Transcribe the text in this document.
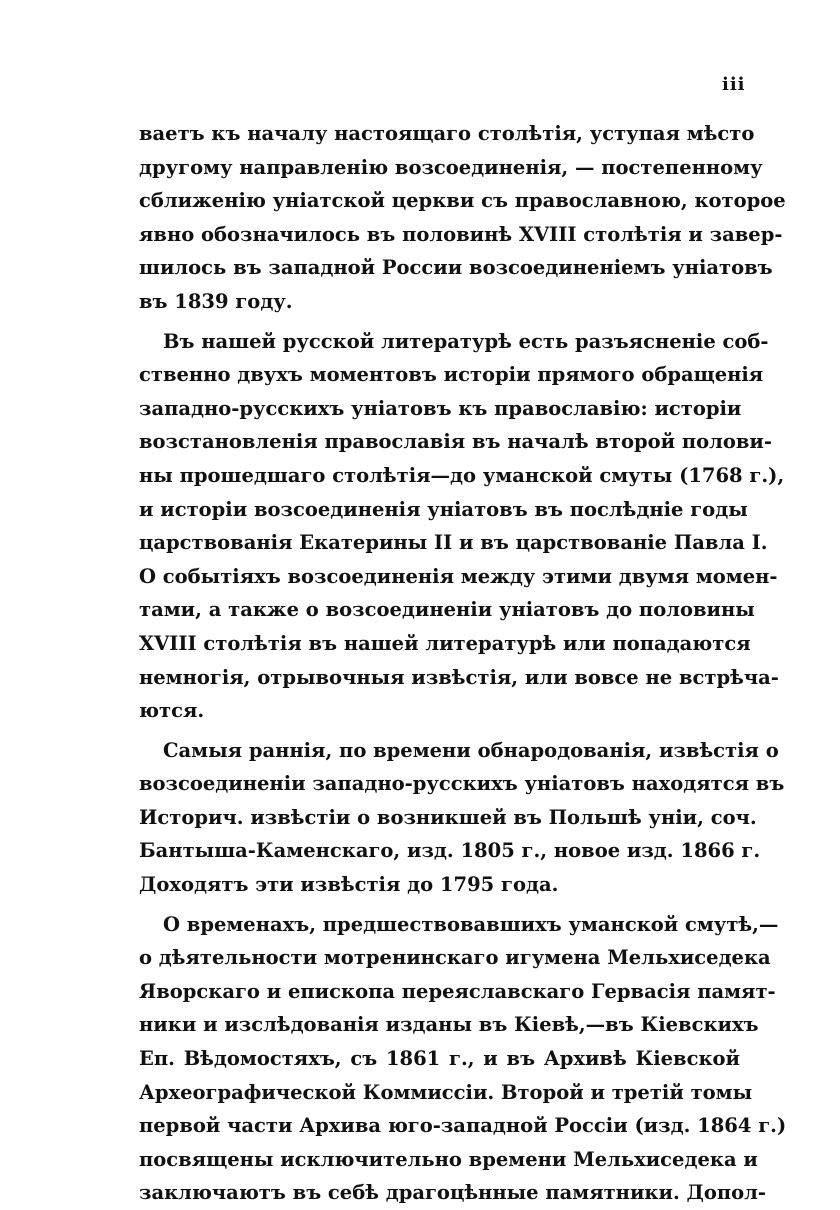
iii
ваетъ къ началу настоящаго столѣтія, уступая мѣсто
другому направленію возсоединенія, — постепенному
сближенію уніатской церкви съ православною, которое
явно обозначилось въ половинѣ XVIII столѣтія и завер-
шилось въ западной России возсоединеніемъ уніатовъ
въ 1839 году.
Въ нашей русской литературѣ есть разъясненіе соб-
ственно двухъ моментовъ исторіи прямого обращенія
западно-русскихъ уніатовъ къ православію: исторіи
возстановленія православія въ началѣ второй полови-
ны прошедшаго столѣтія—до уманской смуты (1768 г.),
и исторіи возсоединенія уніатовъ въ послѣдніе годы
царствованія Екатерины II и въ царствованіе Павла I.
О событіяхъ возсоединенія между этими двумя момен-
тами, а также о возсоединеніи уніатовъ до половины
XVIII столѣтія въ нашей литературѣ или попадаются
немногія, отрывочныя извѣстія, или вовсе не встрѣча-
ются.
Самыя раннія, по времени обнародованія, извѣстія о
возсоединеніи западно-русскихъ уніатовъ находятся въ
Историч. извѣстіи о возникшей въ Польшѣ уніи, соч.
Бантыша-Каменскаго, изд. 1805 г., новое изд. 1866 г.
Доходятъ эти извѣстія до 1795 года.
О временахъ, предшествовавшихъ уманской смутѣ,—
о дѣятельности мотренинскаго игумена Мельхиседека
Яворскаго и епископа переяславскаго Гервасія памят-
ники и изслѣдованія изданы въ Кіевѣ,—въ Кіевскихъ
Еп. Вѣдомостяхъ, съ 1861 г., и въ Архивѣ Кіевской
Археографической Коммиссіи. Второй и третій томы
первой части Архива юго-западной Россіи (изд. 1864 г.)
посвящены исключительно времени Мельхиседека и
заключаютъ въ себѣ драгоцѣнные памятники. Допол-
